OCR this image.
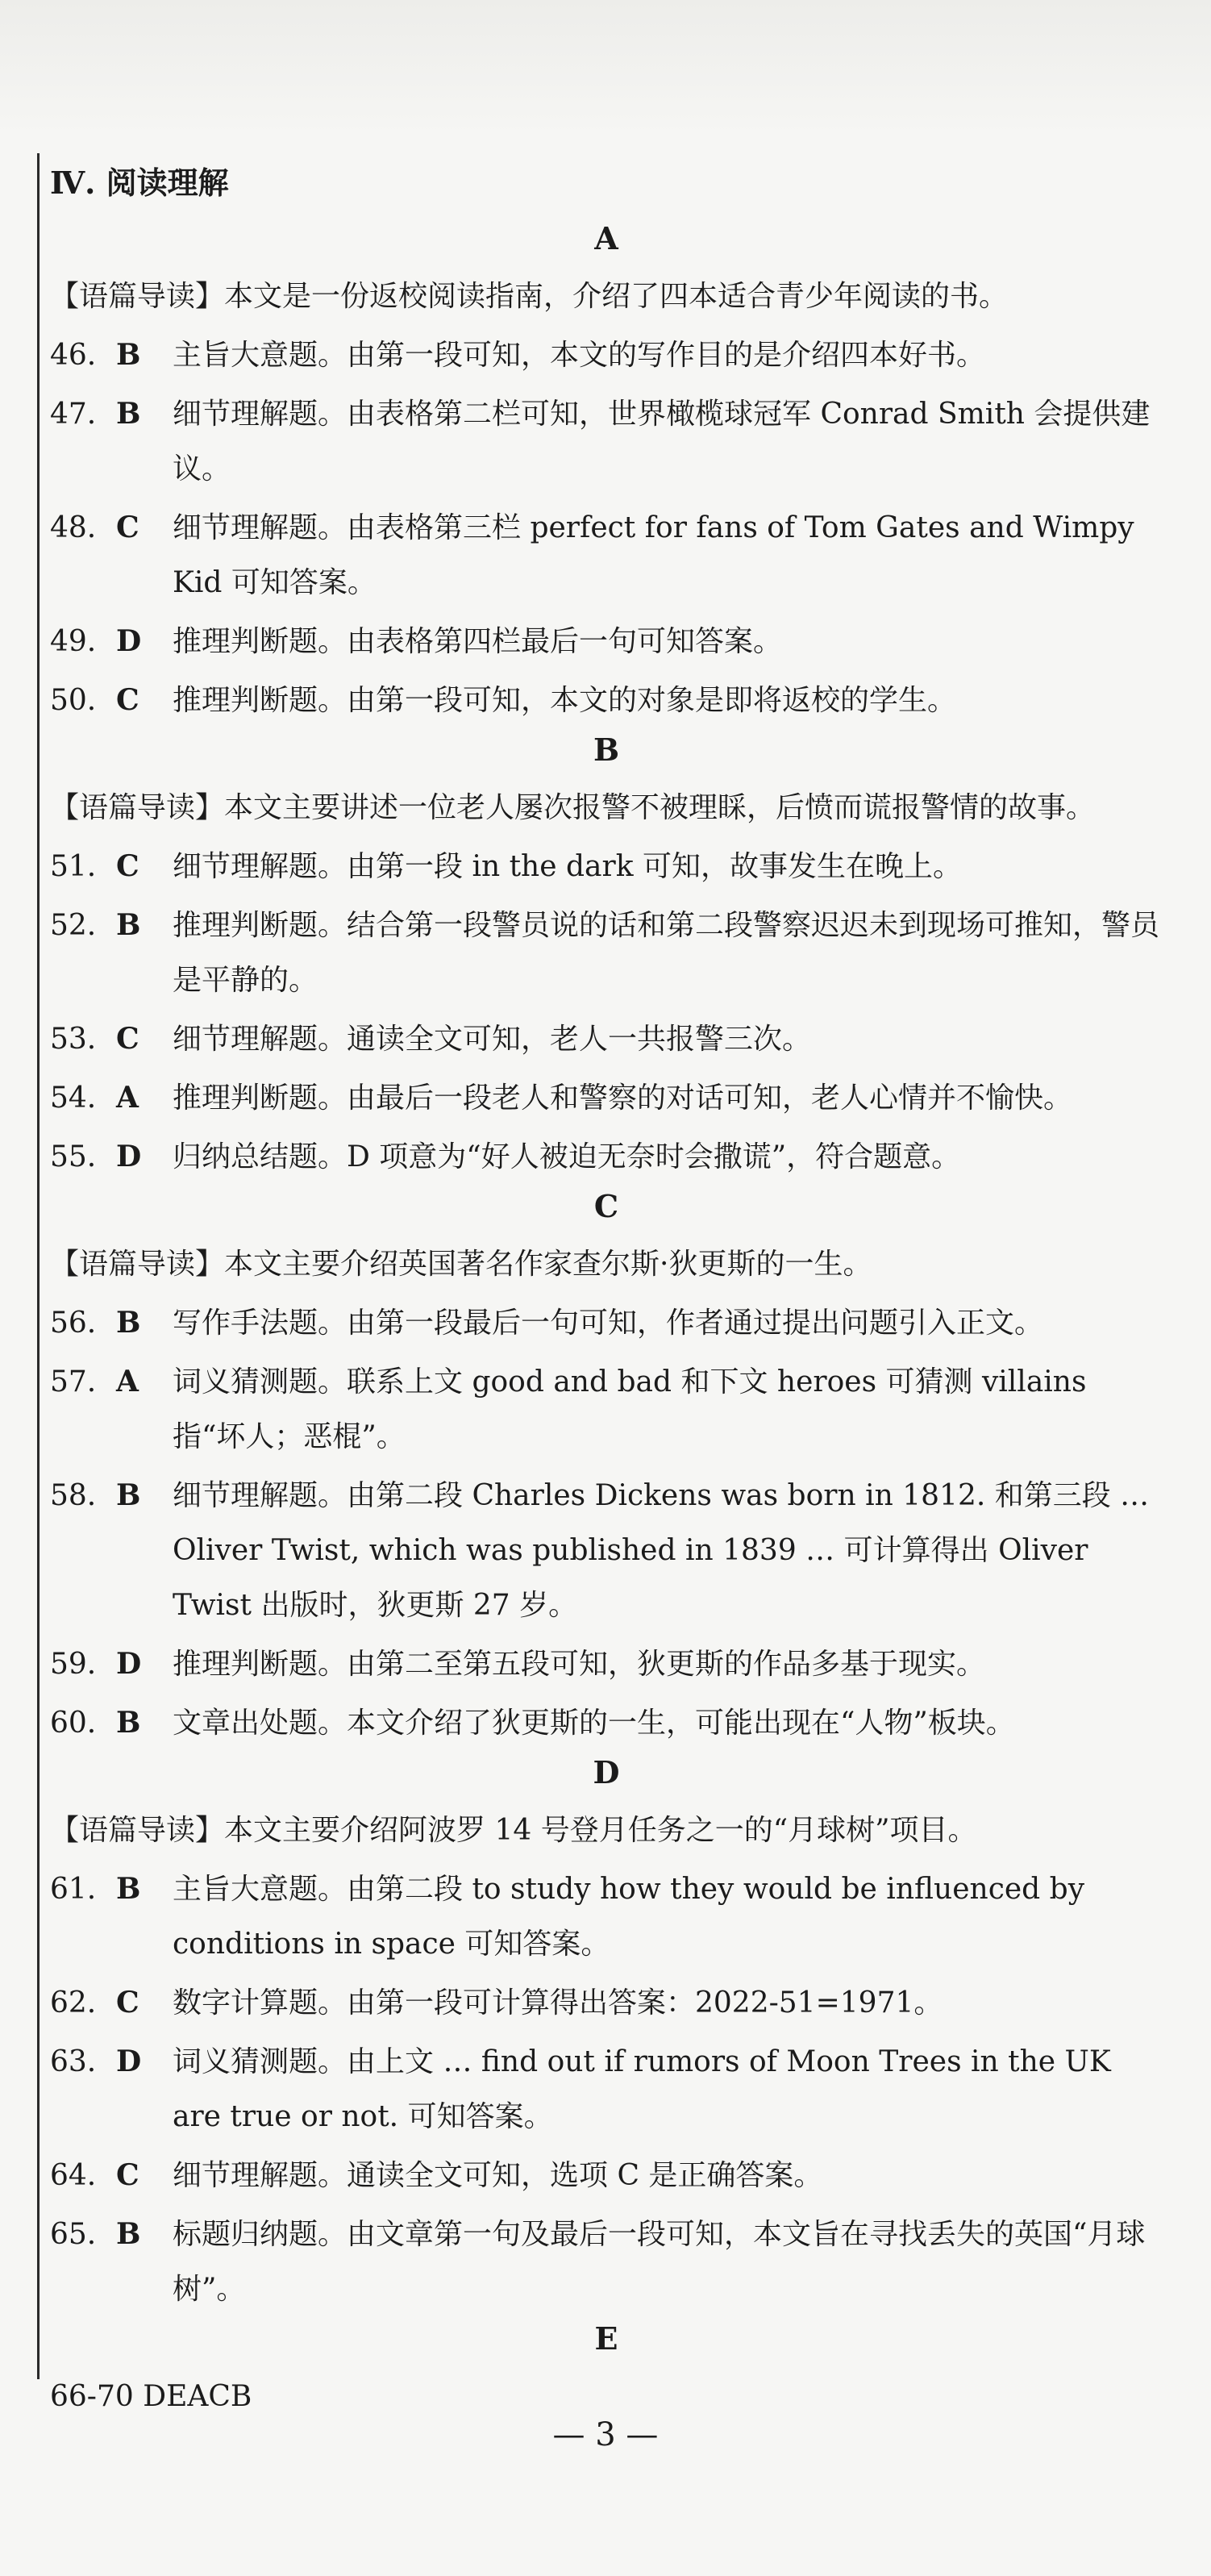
Ⅳ. 阅读理解
A
【语篇导读】本文是一份返校阅读指南，介绍了四本适合青少年阅读的书。
46. B	主旨大意题。由第一段可知，本文的写作目的是介绍四本好书。
47. B	细节理解题。由表格第二栏可知，世界橄榄球冠军 Conrad Smith 会提供建议。
48. C	细节理解题。由表格第三栏 perfect for fans of Tom Gates and Wimpy Kid 可知答案。
49. D	推理判断题。由表格第四栏最后一句可知答案。
50. C	推理判断题。由第一段可知，本文的对象是即将返校的学生。
B
【语篇导读】本文主要讲述一位老人屡次报警不被理睬，后愤而谎报警情的故事。
51. C	细节理解题。由第一段 in the dark 可知，故事发生在晚上。
52. B	推理判断题。结合第一段警员说的话和第二段警察迟迟未到现场可推知，警员是平静的。
53. C	细节理解题。通读全文可知，老人一共报警三次。
54. A	推理判断题。由最后一段老人和警察的对话可知，老人心情并不愉快。
55. D	归纳总结题。D 项意为“好人被迫无奈时会撒谎”，符合题意。
C
【语篇导读】本文主要介绍英国著名作家查尔斯·狄更斯的一生。
56. B	写作手法题。由第一段最后一句可知，作者通过提出问题引入正文。
57. A	词义猜测题。联系上文 good and bad 和下文 heroes 可猜测 villains 指“坏人；恶棍”。
58. B	细节理解题。由第二段 Charles Dickens was born in 1812. 和第三段 … Oliver Twist, which was published in 1839 … 可计算得出 Oliver Twist 出版时，狄更斯 27 岁。
59. D	推理判断题。由第二至第五段可知，狄更斯的作品多基于现实。
60. B	文章出处题。本文介绍了狄更斯的一生，可能出现在“人物”板块。
D
【语篇导读】本文主要介绍阿波罗 14 号登月任务之一的“月球树”项目。
61. B	主旨大意题。由第二段 to study how they would be influenced by conditions in space 可知答案。
62. C	数字计算题。由第一段可计算得出答案：2022-51=1971。
63. D	词义猜测题。由上文 … find out if rumors of Moon Trees in the UK are true or not. 可知答案。
64. C	细节理解题。通读全文可知，选项 C 是正确答案。
65. B	标题归纳题。由文章第一句及最后一段可知，本文旨在寻找丢失的英国“月球树”。
E
66-70 DEACB
— 3 —
